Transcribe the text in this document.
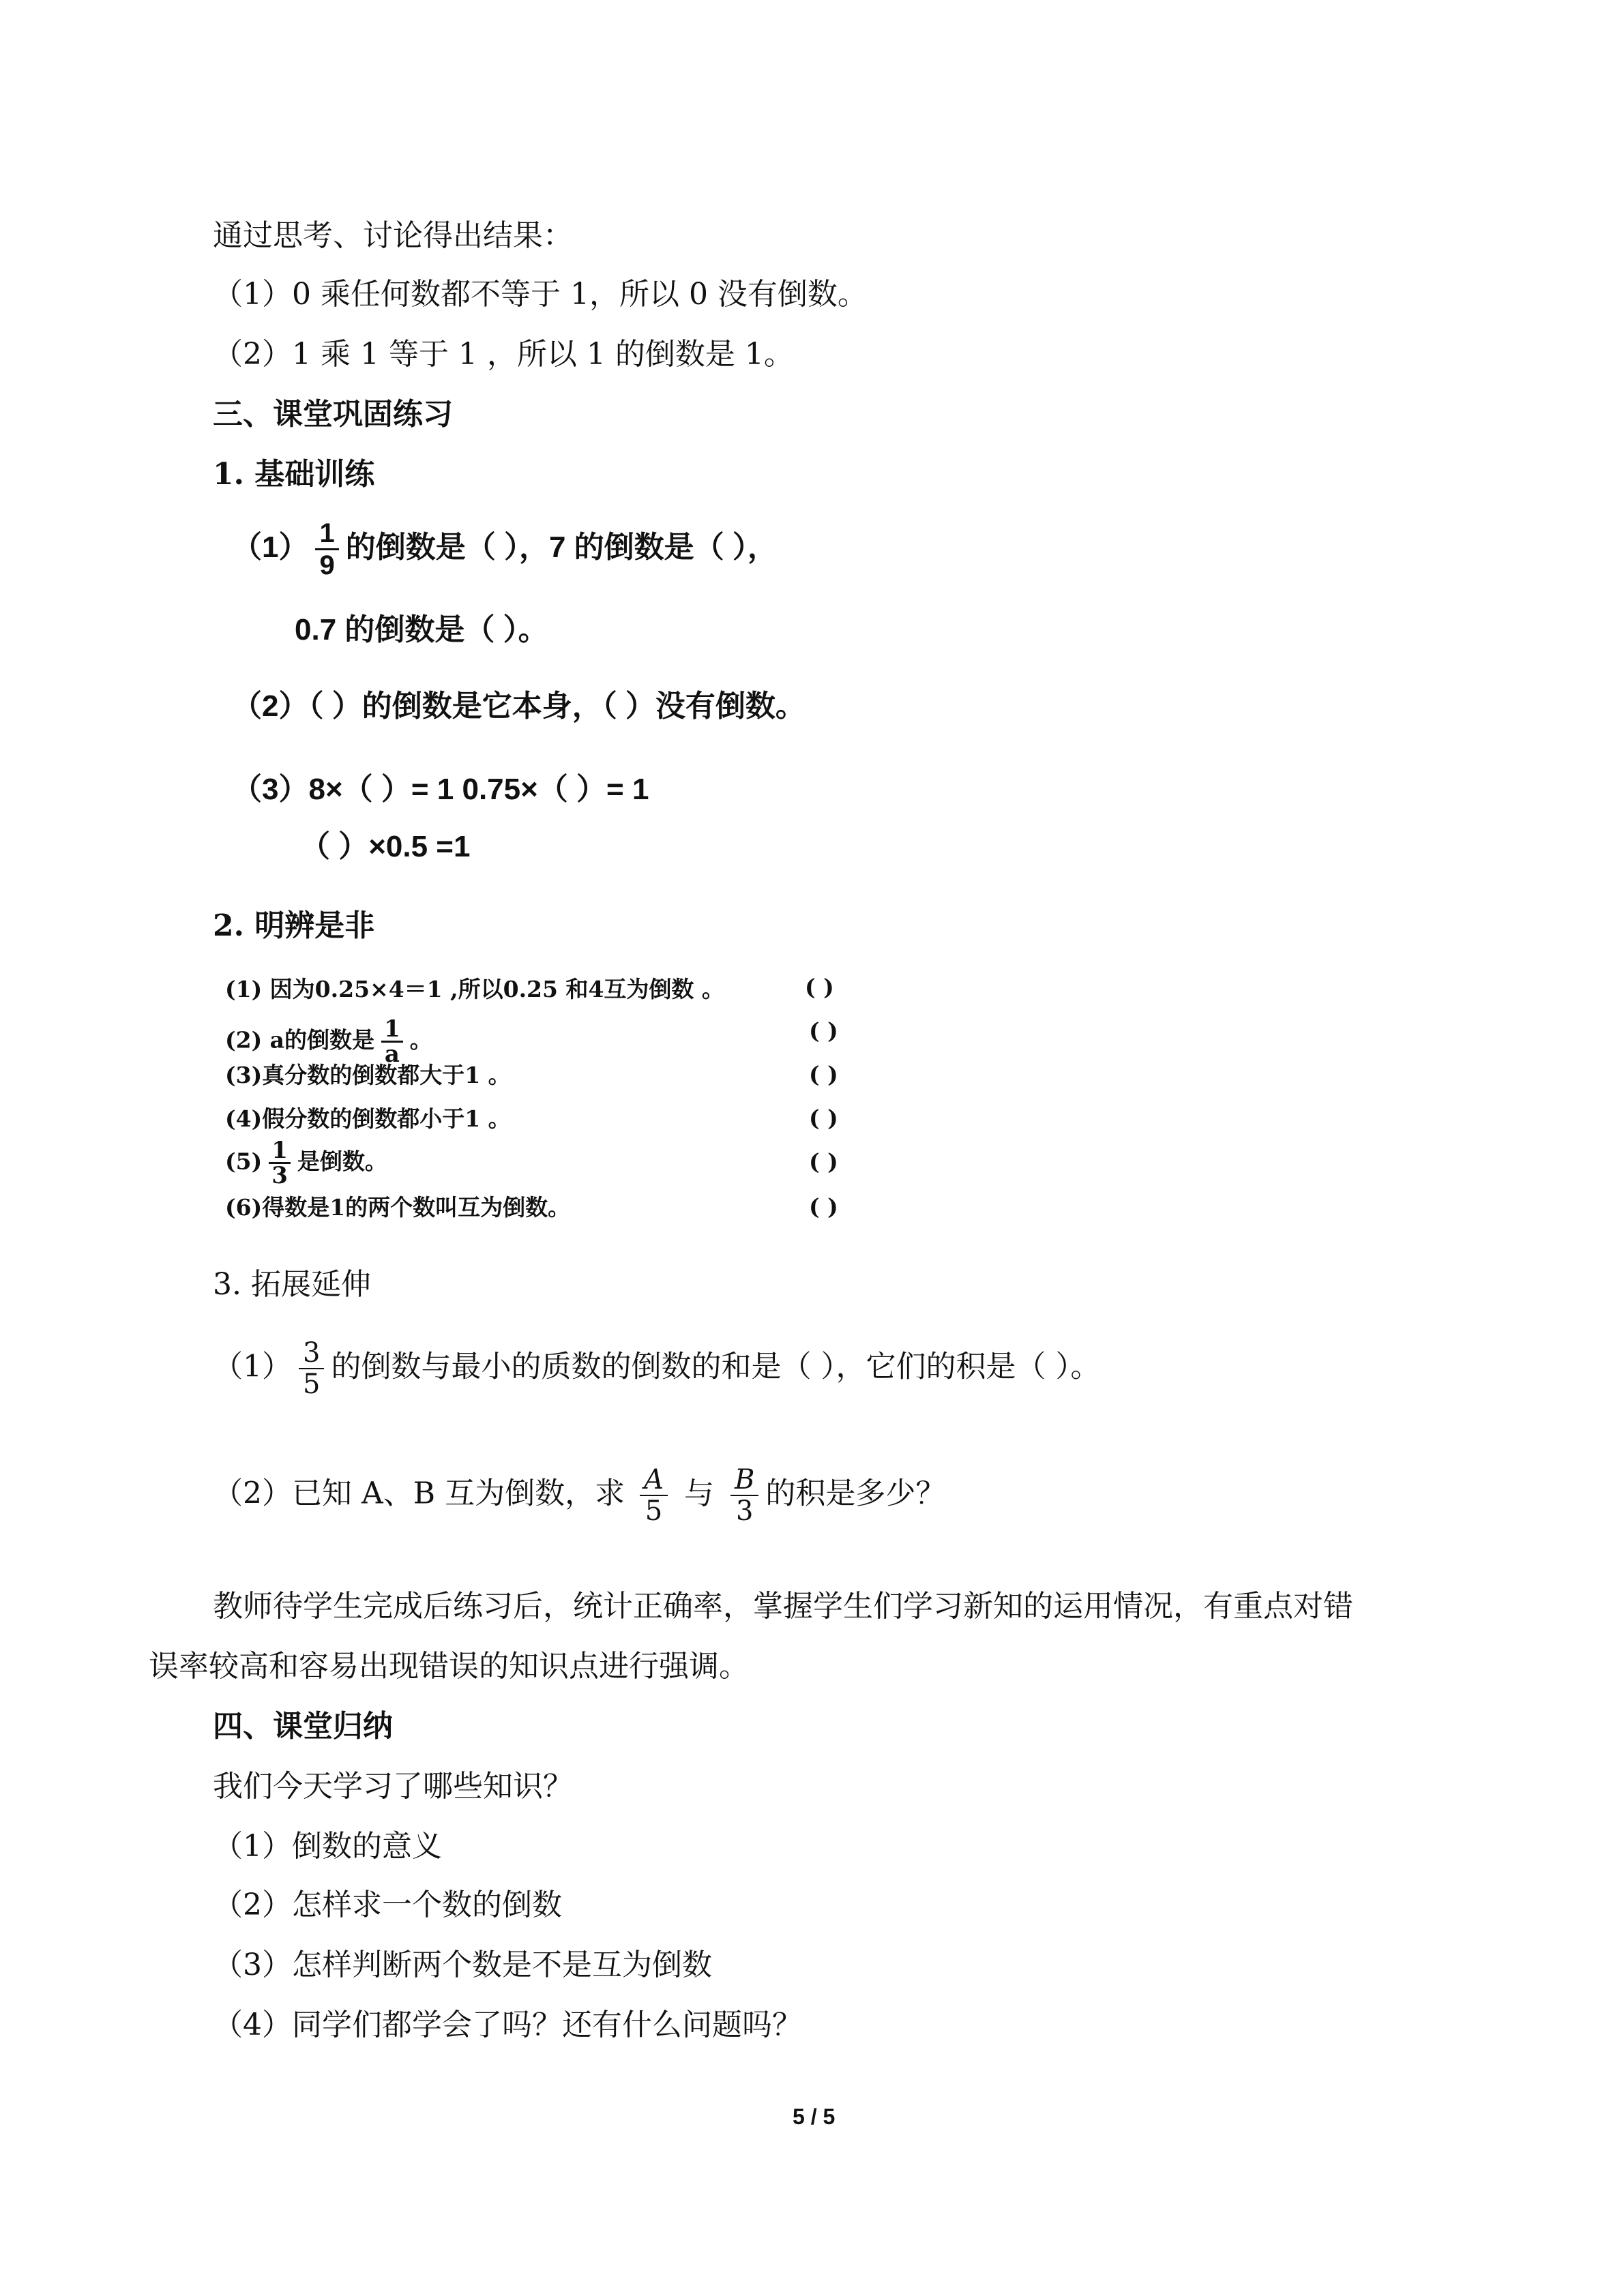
通过思考、讨论得出结果：
（1）0 乘任何数都不等于 1，所以 0 没有倒数。
（2）1 乘 1 等于 1 ，所以 1 的倒数是 1。
三、课堂巩固练习
1. 基础训练
$(1) \frac{1}{9}$ 的倒数是（ ），7 的倒数是（ ），
0.7 的倒数是（ ）。
（2）（ ）的倒数是它本身，（ ）没有倒数。
（3）8×（ ）= 1 0.75×（ ）= 1
（ ）×0.5 =1
2. 明辨是非
(1) 因为0.25×4＝1 ,所以0.25 和4互为倒数 。	( )
(2) a的倒数是 $\frac{1}{a}$ 。	( )
(3)真分数的倒数都大于1 。	( )
(4)假分数的倒数都小于1 。	( )
$(5) \frac{1}{3}$ 是倒数。	( )
(6)得数是1的两个数叫互为倒数。	( )
3. 拓展延伸
$(1) \frac{3}{5}$ 的倒数与最小的质数的倒数的和是（ ），它们的积是（ ）。
（2）已知 A、B 互为倒数，求 $\frac{A}{5}$ 与 $\frac{B}{3}$ 的积是多少？
教师待学生完成后练习后，统计正确率，掌握学生们学习新知的运用情况，有重点对错
误率较高和容易出现错误的知识点进行强调。
四、课堂归纳
我们今天学习了哪些知识？
（1）倒数的意义
（2）怎样求一个数的倒数
（3）怎样判断两个数是不是互为倒数
（4）同学们都学会了吗？还有什么问题吗？
5 / 5
